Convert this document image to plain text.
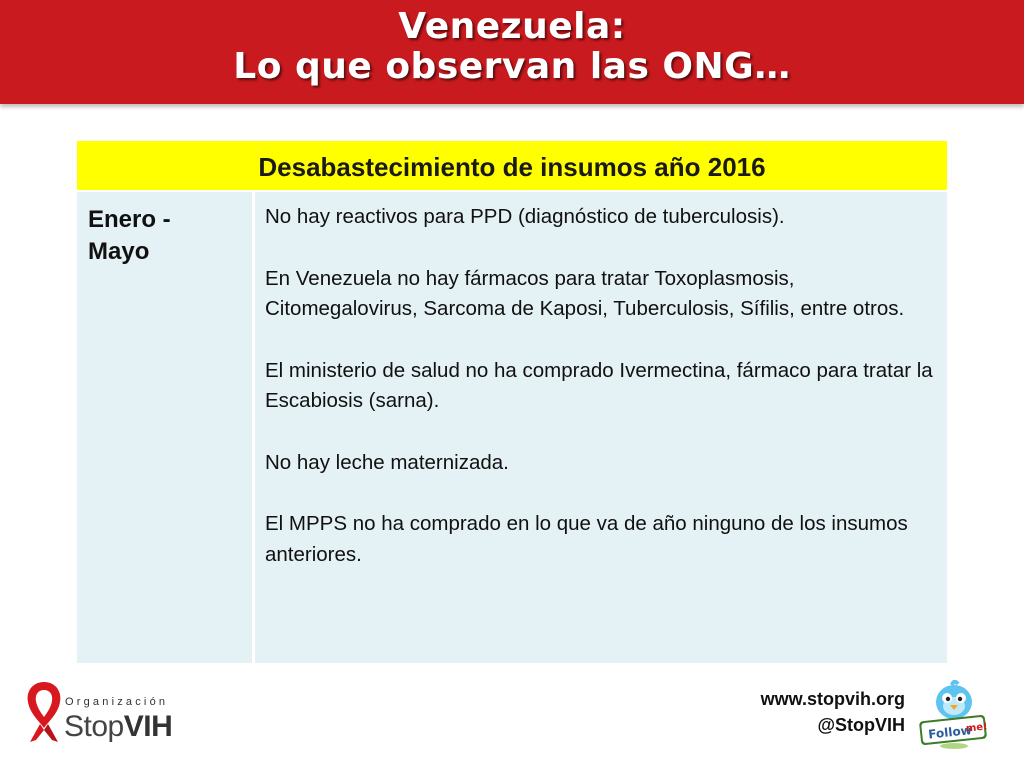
Venezuela:
Lo que observan las ONG…
Desabastecimiento de insumos año 2016
Enero - Mayo

No hay reactivos para PPD (diagnóstico de tuberculosis).

En Venezuela no hay fármacos para tratar Toxoplasmosis, Citomegalovirus, Sarcoma de Kaposi, Tuberculosis, Sífilis, entre otros.

El ministerio de salud no ha comprado Ivermectina, fármaco para tratar la Escabiosis (sarna).

No hay leche maternizada.

El MPPS no ha comprado en lo que va de año ninguno de los insumos anteriores.

Organización
StopVIH
www.stopvih.org
@StopVIH Follow
me!
